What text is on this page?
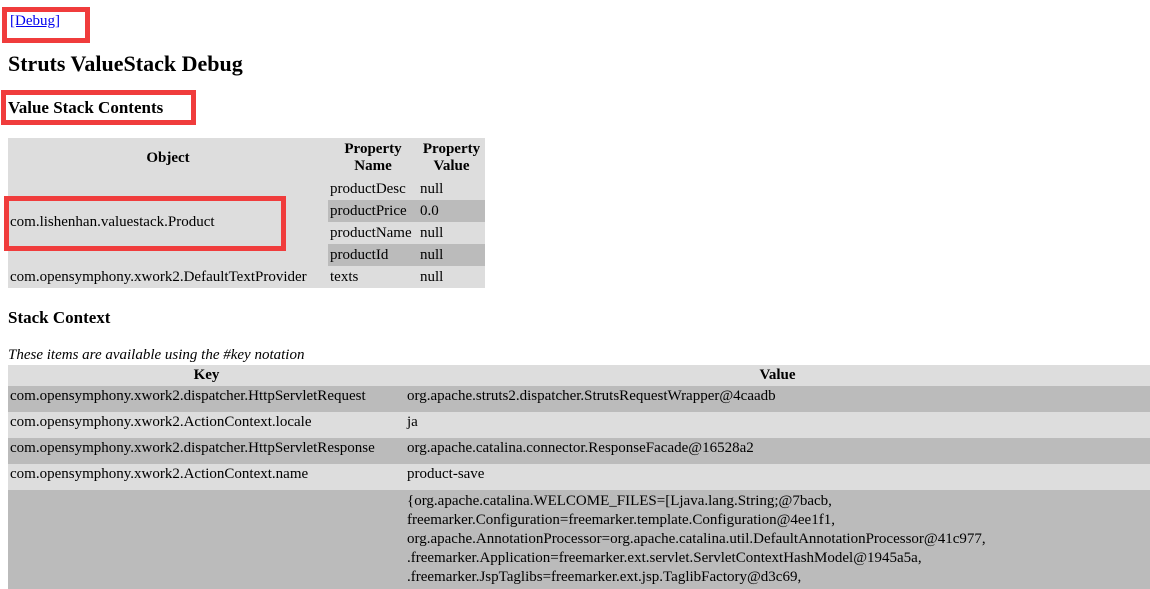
[Debug]
Struts ValueStack Debug
Value Stack Contents
Object	Property Name	Property Value
com.lishenhan.valuestack.Product	productDesc	null
	productPrice	0.0
	productName	null
	productId	null
com.opensymphony.xwork2.DefaultTextProvider	texts	null
Stack Context
These items are available using the #key notation
Key	Value
com.opensymphony.xwork2.dispatcher.HttpServletRequest	org.apache.struts2.dispatcher.StrutsRequestWrapper@4caadb
com.opensymphony.xwork2.ActionContext.locale	ja
com.opensymphony.xwork2.dispatcher.HttpServletResponse	org.apache.catalina.connector.ResponseFacade@16528a2
com.opensymphony.xwork2.ActionContext.name	product-save

	{org.apache.catalina.WELCOME_FILES=[Ljava.lang.String;@7bacb,
freemarker.Configuration=freemarker.template.Configuration@4ee1f1,
org.apache.AnnotationProcessor=org.apache.catalina.util.DefaultAnnotationProcessor@41c977,
.freemarker.Application=freemarker.ext.servlet.ServletContextHashModel@1945a5a,
.freemarker.JspTaglibs=freemarker.ext.jsp.TaglibFactory@d3c69,
